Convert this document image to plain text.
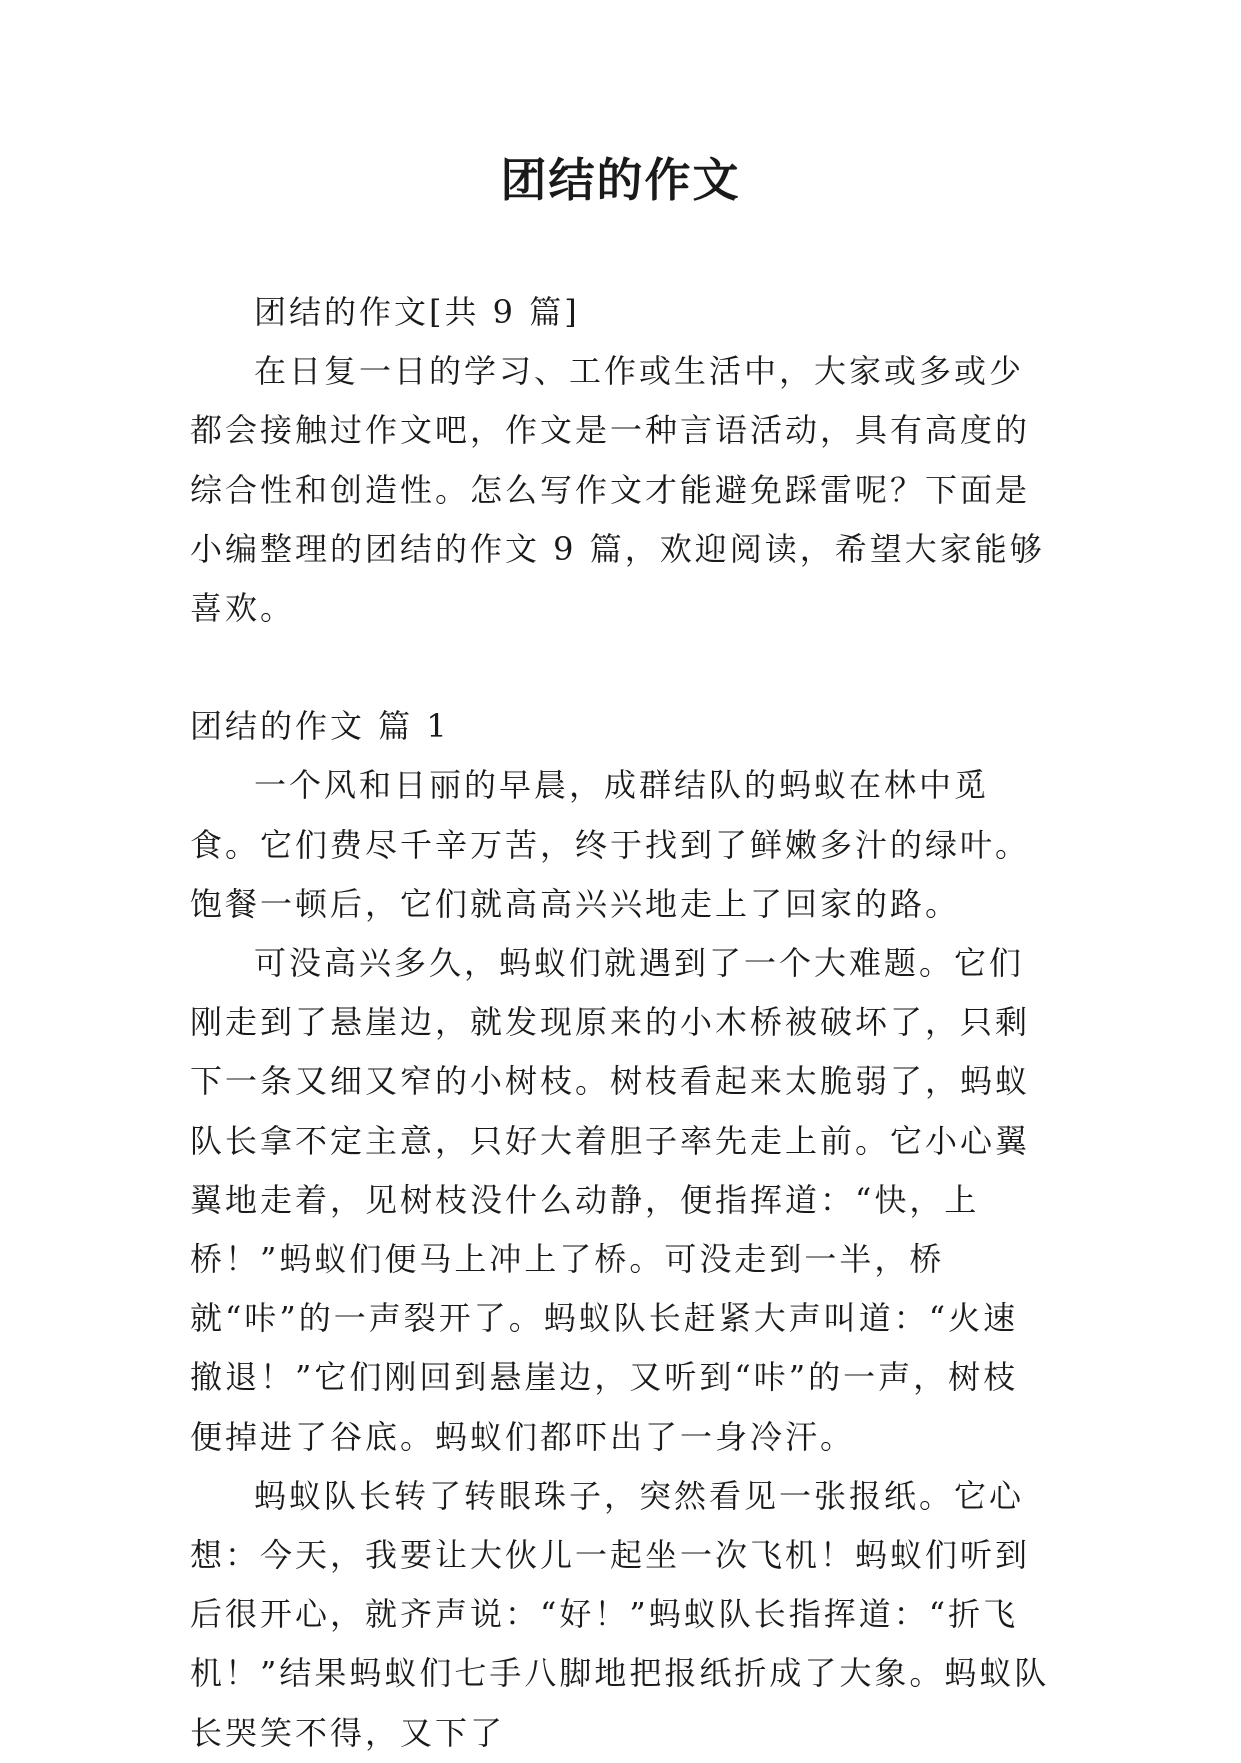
团结的作文

团结的作文[共 9 篇]

在日复一日的学习、工作或生活中，大家或多或少都会接触过作文吧，作文是一种言语活动，具有高度的综合性和创造性。怎么写作文才能避免踩雷呢？下面是小编整理的团结的作文 9 篇，欢迎阅读，希望大家能够喜欢。

团结的作文 篇 1

一个风和日丽的早晨，成群结队的蚂蚁在林中觅食。它们费尽千辛万苦，终于找到了鲜嫩多汁的绿叶。饱餐一顿后，它们就高高兴兴地走上了回家的路。

可没高兴多久，蚂蚁们就遇到了一个大难题。它们刚走到了悬崖边，就发现原来的小木桥被破坏了，只剩下一条又细又窄的小树枝。树枝看起来太脆弱了，蚂蚁队长拿不定主意，只好大着胆子率先走上前。它小心翼翼地走着，见树枝没什么动静，便指挥道：“快，上桥！”蚂蚁们便马上冲上了桥。可没走到一半，桥就“咔”的一声裂开了。蚂蚁队长赶紧大声叫道：“火速撤退！”它们刚回到悬崖边，又听到“咔”的一声，树枝便掉进了谷底。蚂蚁们都吓出了一身冷汗。

蚂蚁队长转了转眼珠子，突然看见一张报纸。它心想：今天，我要让大伙儿一起坐一次飞机！蚂蚁们听到后很开心，就齐声说：“好！”蚂蚁队长指挥道：“折飞机！”结果蚂蚁们七手八脚地把报纸折成了大象。蚂蚁队长哭笑不得，又下了
